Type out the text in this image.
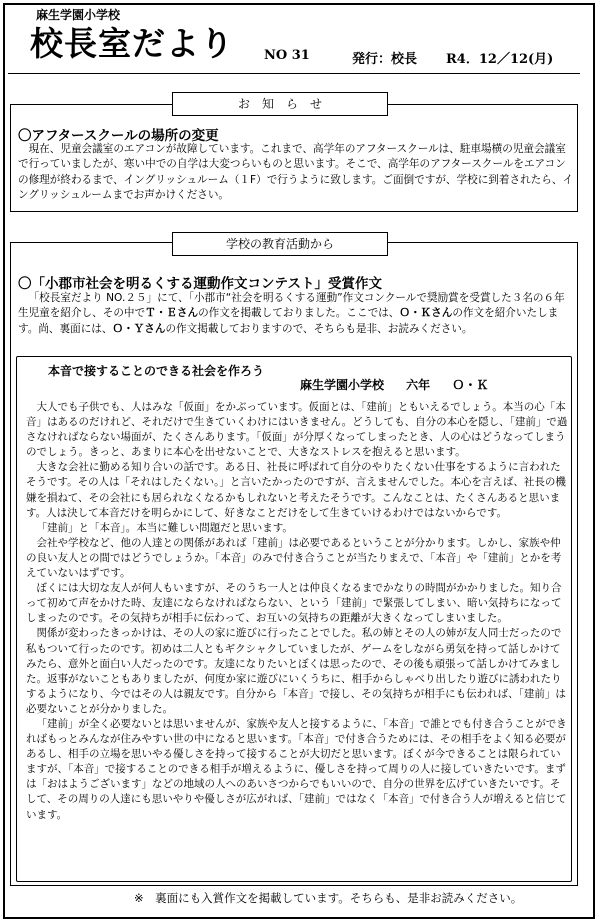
麻生学園小学校
校長室だより NO 31	発行：校長 R4．12／12(月)
お　知　ら　せ
〇アフタースクールの場所の変更
現在、児童会議室のエアコンが故障しています。これまで、高学年のアフタースクールは、駐車場横の児童会議室で行っていましたが、寒い中での自学は大変つらいものと思います。そこで、高学年のアフタースクールをエアコンの修理が終わるまで、イングリッシュルーム（１F）で行うように致します。ご面倒ですが、学校に到着されたら、イングリッシュルームまでお声かけください。
学校の教育活動から
〇「小郡市社会を明るくする運動作文コンテスト」受賞作文
「校長室だより NO.２５」にて、「小郡市“社会を明るくする運動”作文コンクールで奨励賞を受賞した３名の６年生児童を紹介し、その中でＴ・Ｅさんの作文を掲載しておりました。ここでは、Ｏ・Ｋさんの作文を紹介いたします。尚、裏面には、Ｏ・Ｙさんの作文掲載しておりますので、そちらも是非、お読みください。
本音で接することのできる社会を作ろう
麻生学園小学校 六年 Ｏ・Ｋ

大人でも子供でも、人はみな「仮面」をかぶっています。仮面とは、「建前」ともいえるでしょう。本当の心「本音」はあるのだけれど、それだけで生きていくわけにはいきません。どうしても、自分の本心を隠し、「建前」で過さなければならない場面が、たくさんあります。「仮面」が分厚くなってしまったとき、人の心はどうなってしまうのでしょう。きっと、あまりに本心を出せないことで、大きなストレスを抱えると思います。

大きな会社に勤める知り合いの話です。ある日、社長に呼ばれて自分のやりたくない仕事をするように言われたそうです。その人は「それはしたくない。」と言いたかったのですが、言えませんでした。本心を言えば、社長の機嫌を損ねて、その会社にも居られなくなるかもしれないと考えたそうです。こんなことは、たくさんあると思います。人は決して本音だけを明らかにして、好きなことだけをして生きていけるわけではないからです。

「建前」と「本音」。本当に難しい問題だと思います。

会社や学校など、他の人達との関係があれば「建前」は必要であるということが分かります。しかし、家族や仲の良い友人との間ではどうでしょうか。「本音」のみで付き合うことが当たりまえで、「本音」や「建前」とかを考えていないはずです。

ぼくには大切な友人が何人もいますが、そのうち一人とは仲良くなるまでかなりの時間がかかりました。知り合って初めて声をかけた時、友達にならなければならない、という「建前」で緊張してしまい、暗い気持ちになってしまったのです。その気持ちが相手に伝わって、お互いの気持ちの距離が大きくなってしまいました。

関係が変わったきっかけは、その人の家に遊びに行ったことでした。私の姉とその人の姉が友人同士だったので私もついて行ったのです。初めは二人ともギクシャクしていましたが、ゲームをしながら勇気を持って話しかけてみたら、意外と面白い人だったのです。友達になりたいとぼくは思ったので、その後も頑張って話しかけてみました。返事がないこともありましたが、何度か家に遊びにいくうちに、相手からしゃべり出したり遊びに誘われたりするようになり、今ではその人は親友です。自分から「本音」で接し、その気持ちが相手にも伝われば、「建前」は必要ないことが分かりました。

「建前」が全く必要ないとは思いませんが、家族や友人と接するように、「本音」で誰とでも付き合うことができればもっとみんなが住みやすい世の中になると思います。「本音」で付き合うためには、その相手をよく知る必要があるし、相手の立場を思いやる優しさを持って接することが大切だと思います。ぼくが今できることは限られていますが、「本音」で接することのできる相手が増えるように、優しさを持って周りの人に接していきたいです。まずは「おはようございます」などの地域の人へのあいさつからでもいいので、自分の世界を広げていきたいです。そして、その周りの人達にも思いやりや優しさが広がれば、「建前」ではなく「本音」で付き合う人が増えると信じています。

※　裏面にも入賞作文を掲載しています。そちらも、是非お読みください。
